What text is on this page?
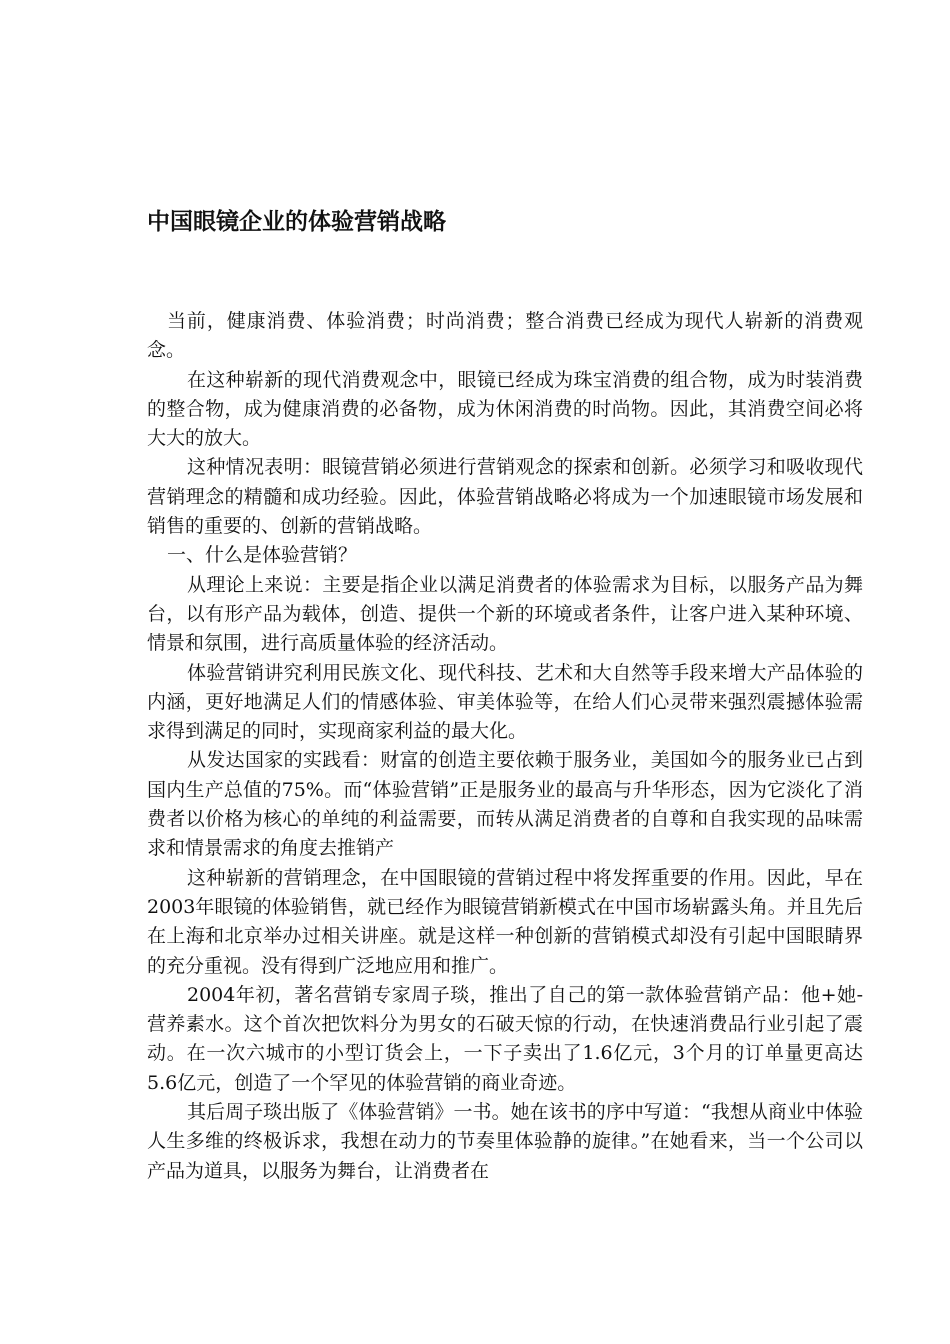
中国眼镜企业的体验营销战略

当前，健康消费、体验消费；时尚消费；整合消费已经成为现代人崭新的消费观念。

在这种崭新的现代消费观念中，眼镜已经成为珠宝消费的组合物，成为时装消费的整合物，成为健康消费的必备物，成为休闲消费的时尚物。因此，其消费空间必将大大的放大。

这种情况表明：眼镜营销必须进行营销观念的探索和创新。必须学习和吸收现代营销理念的精髓和成功经验。因此，体验营销战略必将成为一个加速眼镜市场发展和销售的重要的、创新的营销战略。

一、什么是体验营销？

从理论上来说：主要是指企业以满足消费者的体验需求为目标，以服务产品为舞台，以有形产品为载体，创造、提供一个新的环境或者条件，让客户进入某种环境、情景和氛围，进行高质量体验的经济活动。

体验营销讲究利用民族文化、现代科技、艺术和大自然等手段来增大产品体验的内涵，更好地满足人们的情感体验、审美体验等，在给人们心灵带来强烈震撼体验需求得到满足的同时，实现商家利益的最大化。

从发达国家的实践看：财富的创造主要依赖于服务业，美国如今的服务业已占到国内生产总值的75%。而“体验营销”正是服务业的最高与升华形态，因为它淡化了消费者以价格为核心的单纯的利益需要，而转从满足消费者的自尊和自我实现的品味需求和情景需求的角度去推销产

这种崭新的营销理念，在中国眼镜的营销过程中将发挥重要的作用。因此，早在2003年眼镜的体验销售，就已经作为眼镜营销新模式在中国市场崭露头角。并且先后在上海和北京举办过相关讲座。就是这样一种创新的营销模式却没有引起中国眼睛界的充分重视。没有得到广泛地应用和推广。

2004年初，著名营销专家周子琰，推出了自己的第一款体验营销产品：他+她-营养素水。这个首次把饮料分为男女的石破天惊的行动，在快速消费品行业引起了震动。在一次六城市的小型订货会上，一下子卖出了1.6亿元，3个月的订单量更高达5.6亿元，创造了一个罕见的体验营销的商业奇迹。

其后周子琰出版了《体验营销》一书。她在该书的序中写道：“我想从商业中体验人生多维的终极诉求，我想在动力的节奏里体验静的旋律。”在她看来，当一个公司以产品为道具，以服务为舞台，让消费者在
